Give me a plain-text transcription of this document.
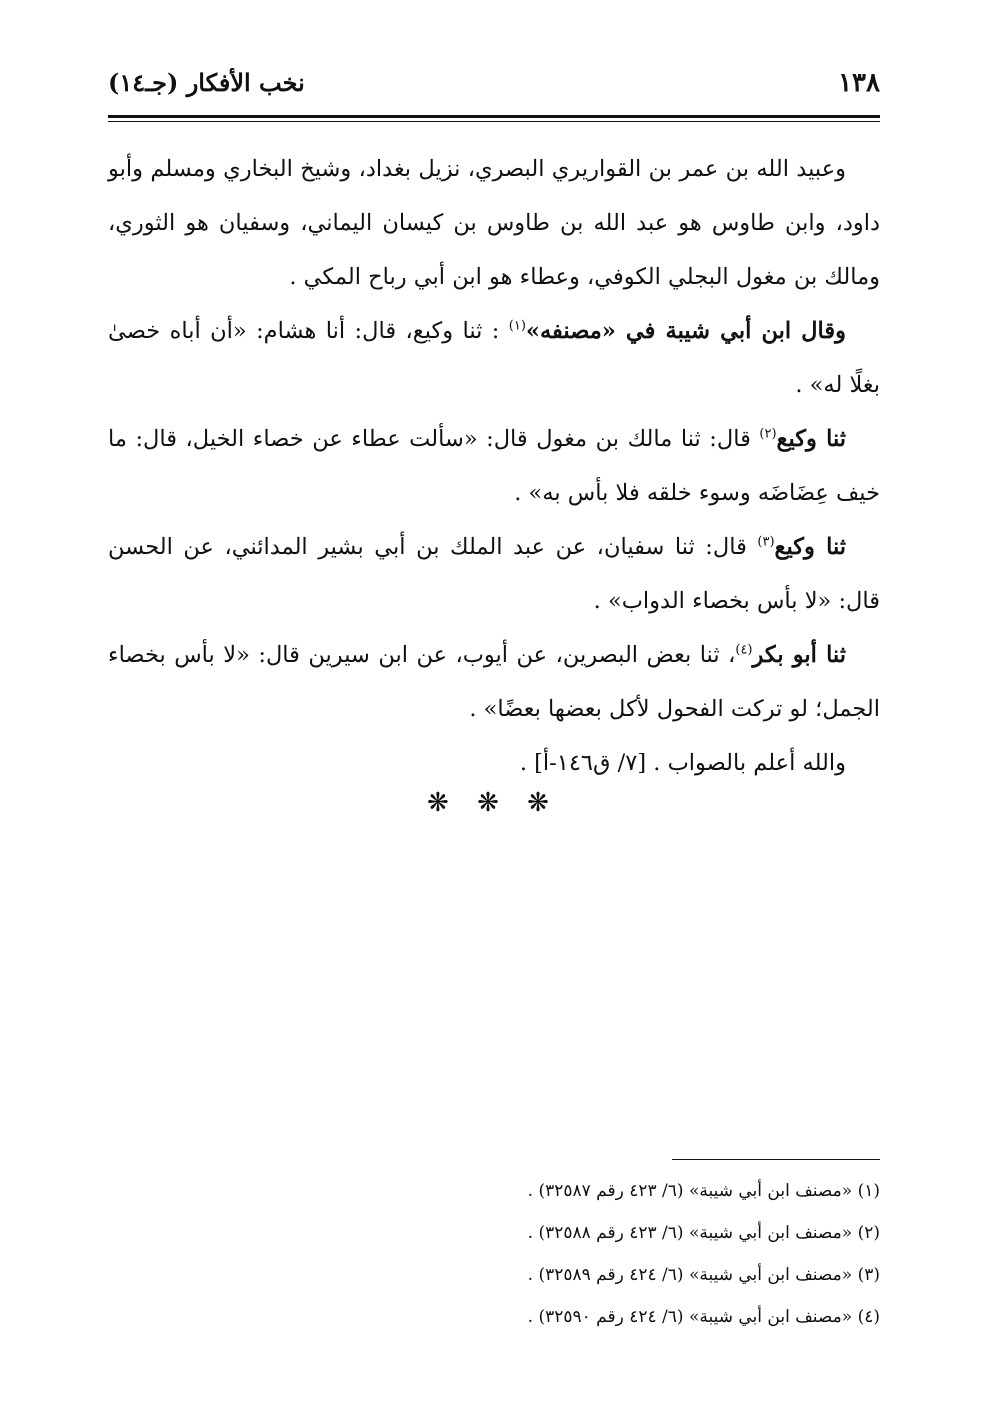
١٣٨
نخب الأفكار (جـ١٤)

وعبيد الله بن عمر بن القواريري البصري، نزيل بغداد، وشيخ البخاري ومسلم وأبو داود، وابن طاوس هو عبد الله بن طاوس بن كيسان اليماني، وسفيان هو الثوري، ومالك بن مغول البجلي الكوفي، وعطاء هو ابن أبي رباح المكي .

وقال ابن أبي شيبة في «مصنفه»$^{(١)}$ : ثنا وكيع، قال: أنا هشام: «أن أباه خصىٰ بغلًا له» .

ثنا وكيع$^{(٢)}$ قال: ثنا مالك بن مغول قال: «سألت عطاء عن خصاء الخيل، قال: ما خيف عِضَاضَه وسوء خلقه فلا بأس به» .

ثنا وكيع$^{(٣)}$ قال: ثنا سفيان، عن عبد الملك بن أبي بشير المدائني، عن الحسن قال: «لا بأس بخصاء الدواب» .

ثنا أبو بكر$^{(٤)}$، ثنا بعض البصرين، عن أيوب، عن ابن سيرين قال: «لا بأس بخصاء الجمل؛ لو تركت الفحول لأكل بعضها بعضًا» .

والله أعلم بالصواب . [٧/ ق١٤٦-أ] .

❋ ❋ ❋

(١) «مصنف ابن أبي شيبة» (٦/ ٤٢٣ رقم ٣٢٥٨٧) .

(٢) «مصنف ابن أبي شيبة» (٦/ ٤٢٣ رقم ٣٢٥٨٨) .

(٣) «مصنف ابن أبي شيبة» (٦/ ٤٢٤ رقم ٣٢٥٨٩) .

(٤) «مصنف ابن أبي شيبة» (٦/ ٤٢٤ رقم ٣٢٥٩٠) .
